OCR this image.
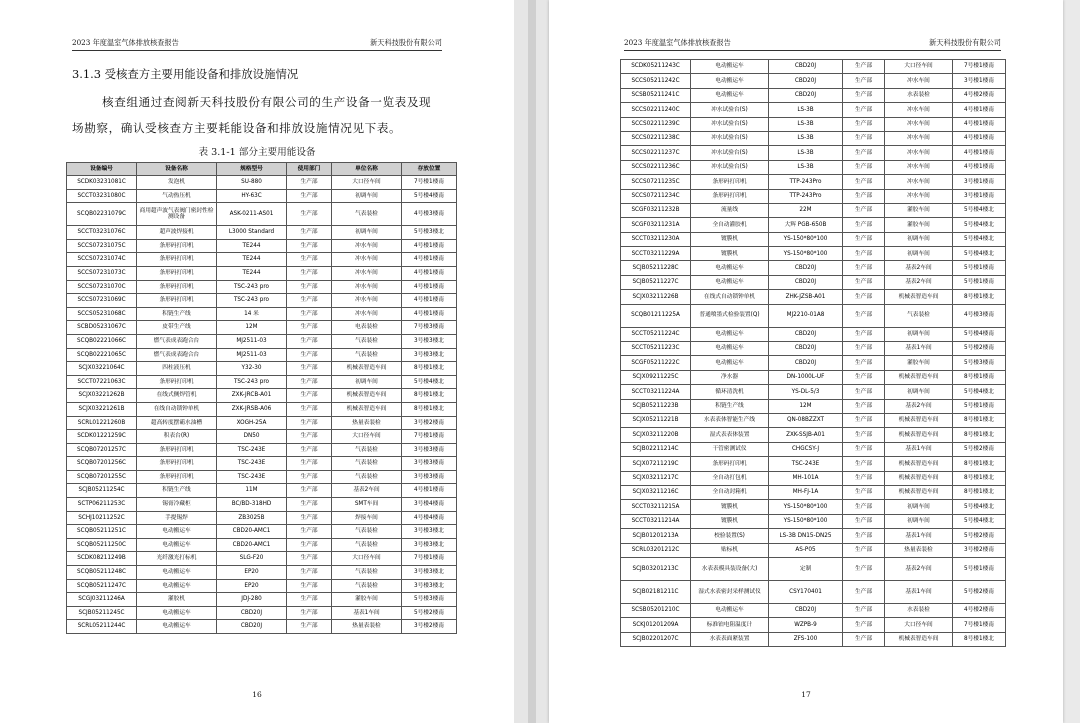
2023 年度温室气体排放核查报告	新天科技股份有限公司
3.1.3 受核查方主要用能设备和排放设施情况
核查组通过查阅新天科技股份有限公司的生产设备一览表及现
场勘察，确认受核查方主要耗能设备和排放设施情况见下表。
表 3.1-1 部分主要用能设备
设备编号	设备名称	规格型号	使用部门	单位名称	存放位置
SCDK03231081C	发泡机	SU-880	生产部	大口径车间	7号楼1楼南
SCCT03231080C	气动热压机	HY-63C	生产部	初调车间	5号楼4楼南
SCQB02231079C	商用超声波气表阀门密封性检测设备	ASK-0211-AS01	生产部	气表装检	4号楼3楼南
SCCT03231076C	超声波焊接机	L3000 Standard	生产部	初调车间	5号楼3楼北
SCCS07231075C	条形码打印机	TE244	生产部	冲水车间	4号楼1楼南
SCCS07231074C	条形码打印机	TE244	生产部	冲水车间	4号楼1楼南
SCCS07231073C	条形码打印机	TE244	生产部	冲水车间	4号楼1楼南
SCCS07231070C	条形码打印机	TSC-243 pro	生产部	冲水车间	4号楼1楼南
SCCS07231069C	条形码打印机	TSC-243 pro	生产部	冲水车间	4号楼1楼南
SCCS05231068C	积链生产线	14 米	生产部	冲水车间	4号楼1楼南
SCBD05231067C	皮带生产线	12M	生产部	电表装检	7号楼3楼南
SCQB02221066C	燃气表成表跑合台	MJ2511-03	生产部	气表装检	3号楼3楼北
SCQB02221065C	燃气表成表跑合台	MJ2511-03	生产部	气表装检	3号楼3楼北
SCJX03221064C	四柱液压机	Y32-30	生产部	机械表智造车间	8号楼1楼北
SCCT07221063C	条形码打印机	TSC-243 pro	生产部	初调车间	5号楼4楼北
SCJX03221262B	在线式侧焊管机	ZXK-JRCB-A01	生产部	机械表智造车间	8号楼1楼北
SCJX03221261B	在线自动锁钟单机	ZXK-JRSB-A06	生产部	机械表智造车间	8号楼1楼北
SCRL01221260B	超高转度摆霸水油槽	XOGH-25A	生产部	热量表装检	3号楼2楼南
SCDK01221259C	积表台(R)	DN50	生产部	大口径车间	7号楼1楼南
SCQB07201257C	条形码打印机	TSC-243E	生产部	气表装检	3号楼3楼南
SCQB07201256C	条形码打印机	TSC-243E	生产部	气表装检	3号楼3楼南
SCQB07201255C	条形码打印机	TSC-243E	生产部	气表装检	3号楼3楼南
SCJB05211254C	积链生产线	11M	生产部	基表2车间	4号楼1楼南
SCTP06211253C	锡膏冷藏柜	BC/BD-318HD	生产部	SMT车间	3号楼4楼南
SCHJ10211252C	手提锡焊	ZB3025B	生产部	焊接车间	4号楼4楼南
SCQB05211251C	电动搬运车	CBD20-AMC1	生产部	气表装检	3号楼3楼北
SCQB05211250C	电动搬运车	CBD20-AMC1	生产部	气表装检	3号楼3楼北
SCDK08211249B	光纤激光打标机	SLG-F20	生产部	大口径车间	7号楼1楼南
SCQB05211248C	电动搬运车	EP20	生产部	气表装检	3号楼3楼北
SCQB05211247C	电动搬运车	EP20	生产部	气表装检	3号楼3楼北
SCGJ03211246A	灌胶机	JDJ-280	生产部	灌胶车间	5号楼3楼南
SCJB05211245C	电动搬运车	CBD20J	生产部	基表1车间	5号楼2楼南
SCRL05211244C	电动搬运车	CBD20J	生产部	热量表装检	3号楼2楼南
16
2023 年度温室气体排放核查报告	新天科技股份有限公司
SCDK05211243C	电动搬运车	CBD20J	生产部	大口径车间	7号楼1楼南
SCCS05211242C	电动搬运车	CBD20J	生产部	冲水车间	3号楼1楼南
SCSB05211241C	电动搬运车	CBD20J	生产部	水表装检	4号楼2楼南
SCCS02211240C	冲水试验台(S)	LS-3B	生产部	冲水车间	4号楼1楼南
SCCS02211239C	冲水试验台(S)	LS-3B	生产部	冲水车间	4号楼1楼南
SCCS02211238C	冲水试验台(S)	LS-3B	生产部	冲水车间	4号楼1楼南
SCCS02211237C	冲水试验台(S)	LS-3B	生产部	冲水车间	4号楼1楼南
SCCS02211236C	冲水试验台(S)	LS-3B	生产部	冲水车间	4号楼1楼南
SCCS07211235C	条形码打印机	TTP-243Pro	生产部	冲水车间	3号楼1楼南
SCCS07211234C	条形码打印机	TTP-243Pro	生产部	冲水车间	3号楼1楼南
SCGF03211232B	流量线	22M	生产部	灌胶车间	5号楼4楼北
SCGF03211231A	全自动灌胶机	大辉 PGB-650B	生产部	灌胶车间	5号楼4楼北
SCCT03211230A	镀膜机	YS-150*80*100	生产部	初调车间	5号楼4楼北
SCCT03211229A	镀膜机	YS-150*80*100	生产部	初调车间	5号楼4楼北
SCJB05211228C	电动搬运车	CBD20J	生产部	基表2车间	5号楼1楼南
SCJB05211227C	电动搬运车	CBD20J	生产部	基表2车间	5号楼1楼南
SCJX03211226B	在线式自动锁钟单机	ZHK-JZSB-A01	生产部	机械表智造车间	8号楼1楼北
SCQB01211225A	普通喷墨式检验装置(Q)	MJ2210-01A8	生产部	气表装检	4号楼3楼南
SCCT05211224C	电动搬运车	CBD20J	生产部	初调车间	5号楼4楼南
SCCT05211223C	电动搬运车	CBD20J	生产部	基表1车间	5号楼2楼南
SCGF05211222C	电动搬运车	CBD20J	生产部	灌胶车间	5号楼3楼南
SCJX09211225C	净水器	DN-1000L-UF	生产部	机械表智造车间	8号楼1楼南
SCCT03211224A	循环清洗机	YS-DL-5/3	生产部	初调车间	5号楼4楼北
SCJB05211223B	积链生产线	12M	生产部	基表2车间	5号楼1楼南
SCJX05211221B	水表表体智能生产线	QN-08BZZXT	生产部	机械表智造车间	8号楼1楼北
SCJX03211220B	湿式表表体装置	ZXK-SSJB-A01	生产部	机械表智造车间	8号楼1楼北
SCJB02211214C	干管密测试仪	CHGCSY-J	生产部	基表1车间	5号楼2楼南
SCJX07211219C	条形码打印机	TSC-243E	生产部	机械表智造车间	8号楼1楼北
SCJX03211217C	全自动打包机	MH-101A	生产部	机械表智造车间	8号楼1楼北
SCJX03211216C	全自动封箱机	MH-FJ-1A	生产部	机械表智造车间	8号楼1楼北
SCCT03211215A	镀膜机	YS-150*80*100	生产部	初调车间	5号楼4楼北
SCCT03211214A	镀膜机	YS-150*80*100	生产部	初调车间	5号楼4楼北
SCJB01201213A	校验装置(S)	LS-3B DN15-DN25	生产部	基表1车间	5号楼2楼南
SCRL03201212C	贴标机	AS-P05	生产部	热量表装检	3号楼2楼南
SCJB03201213C	水表表模具装设备(大)	定制	生产部	基表2车间	5号楼1楼南
SCJB02181211C	湿式水表密封采样测试仪	CSY170401	生产部	基表1车间	5号楼2楼南
SCSB05201210C	电动搬运车	CBD20J	生产部	水表装检	4号楼2楼南
SCKJ01201209A	标准铂电阻温度计	WZPB-9	生产部	大口径车间	7号楼1楼南
SCJB02201207C	水表表面紧装置	ZFS-100	生产部	机械表智造车间	8号楼1楼北
17
